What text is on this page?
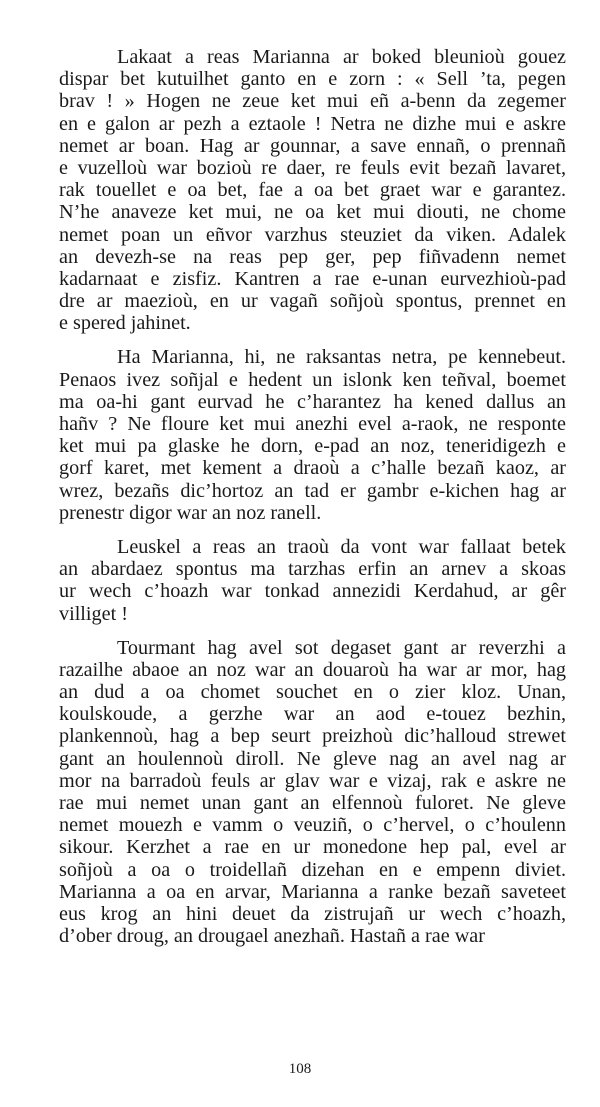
Lakaat a reas Marianna ar boked bleunioù gouez
dispar bet kutuilhet ganto en e zorn : « Sell ’ta, pegen
brav ! » Hogen ne zeue ket mui eñ a-benn da zegemer
en e galon ar pezh a eztaole ! Netra ne dizhe mui e askre
nemet ar boan. Hag ar gounnar, a save ennañ, o prennañ
e vuzelloù war bozioù re daer, re feuls evit bezañ lavaret,
rak touellet e oa bet, fae a oa bet graet war e garantez.
N’he anaveze ket mui, ne oa ket mui diouti, ne chome
nemet poan un eñvor varzhus steuziet da viken. Adalek
an devezh-se na reas pep ger, pep fiñvadenn nemet
kadarnaat e zisfiz. Kantren a rae e-unan eurvezhioù-pad
dre ar maezioù, en ur vagañ soñjoù spontus, prennet en
e spered jahinet.
Ha Marianna, hi, ne raksantas netra, pe kennebeut.
Penaos ivez soñjal e hedent un islonk ken teñval, boemet
ma oa-hi gant eurvad he c’harantez ha kened dallus an
hañv ? Ne floure ket mui anezhi evel a-raok, ne responte
ket mui pa glaske he dorn, e-pad an noz, teneridigezh e
gorf karet, met kement a draoù a c’halle bezañ kaoz, ar
wrez, bezañs dic’hortoz an tad er gambr e-kichen hag ar
prenestr digor war an noz ranell.
Leuskel a reas an traoù da vont war fallaat betek
an abardaez spontus ma tarzhas erfin an arnev a skoas
ur wech c’hoazh war tonkad annezidi Kerdahud, ar gêr
villiget !
Tourmant hag avel sot degaset gant ar reverzhi a
razailhe abaoe an noz war an douaroù ha war ar mor, hag
an dud a oa chomet souchet en o zier kloz. Unan,
koulskoude, a gerzhe war an aod e-touez bezhin,
plankennoù, hag a bep seurt preizhoù dic’halloud strewet
gant an houlennoù diroll. Ne gleve nag an avel nag ar
mor na barradoù feuls ar glav war e vizaj, rak e askre ne
rae mui nemet unan gant an elfennoù fuloret. Ne gleve
nemet mouezh e vamm o veuziñ, o c’hervel, o c’houlenn
sikour. Kerzhet a rae en ur monedone hep pal, evel ar
soñjoù a oa o troidellañ dizehan en e empenn diviet.
Marianna a oa en arvar, Marianna a ranke bezañ saveteet
eus krog an hini deuet da zistrujañ ur wech c’hoazh,
d’ober droug, an drougael anezhañ. Hastañ a rae war
108
